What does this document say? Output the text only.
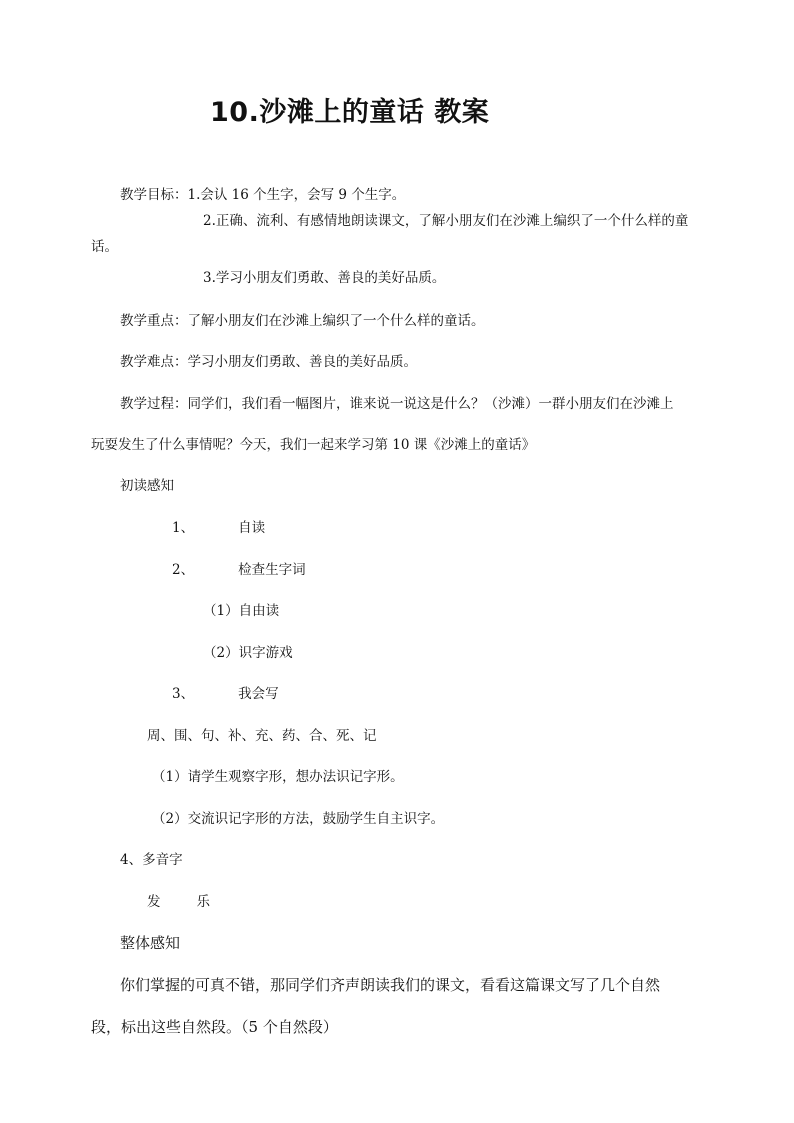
10.沙滩上的童话 教案
教学目标：1.会认 16 个生字，会写 9 个生字。
2.正确、流利、有感情地朗读课文，了解小朋友们在沙滩上编织了一个什么样的童
话。
3.学习小朋友们勇敢、善良的美好品质。
教学重点：了解小朋友们在沙滩上编织了一个什么样的童话。
教学难点：学习小朋友们勇敢、善良的美好品质。
教学过程：同学们，我们看一幅图片，谁来说一说这是什么？（沙滩）一群小朋友们在沙滩上
玩耍发生了什么事情呢？今天，我们一起来学习第 10 课《沙滩上的童话》
初读感知
1、	自读
2、	检查生字词
（1）自由读
（2）识字游戏
3、	我会写
周、围、句、补、充、药、合、死、记
（1）请学生观察字形，想办法识记字形。
（2）交流识记字形的方法，鼓励学生自主识字。
4、多音字
发	乐
整体感知
你们掌握的可真不错，那同学们齐声朗读我们的课文，看看这篇课文写了几个自然
段，标出这些自然段。（5 个自然段）
